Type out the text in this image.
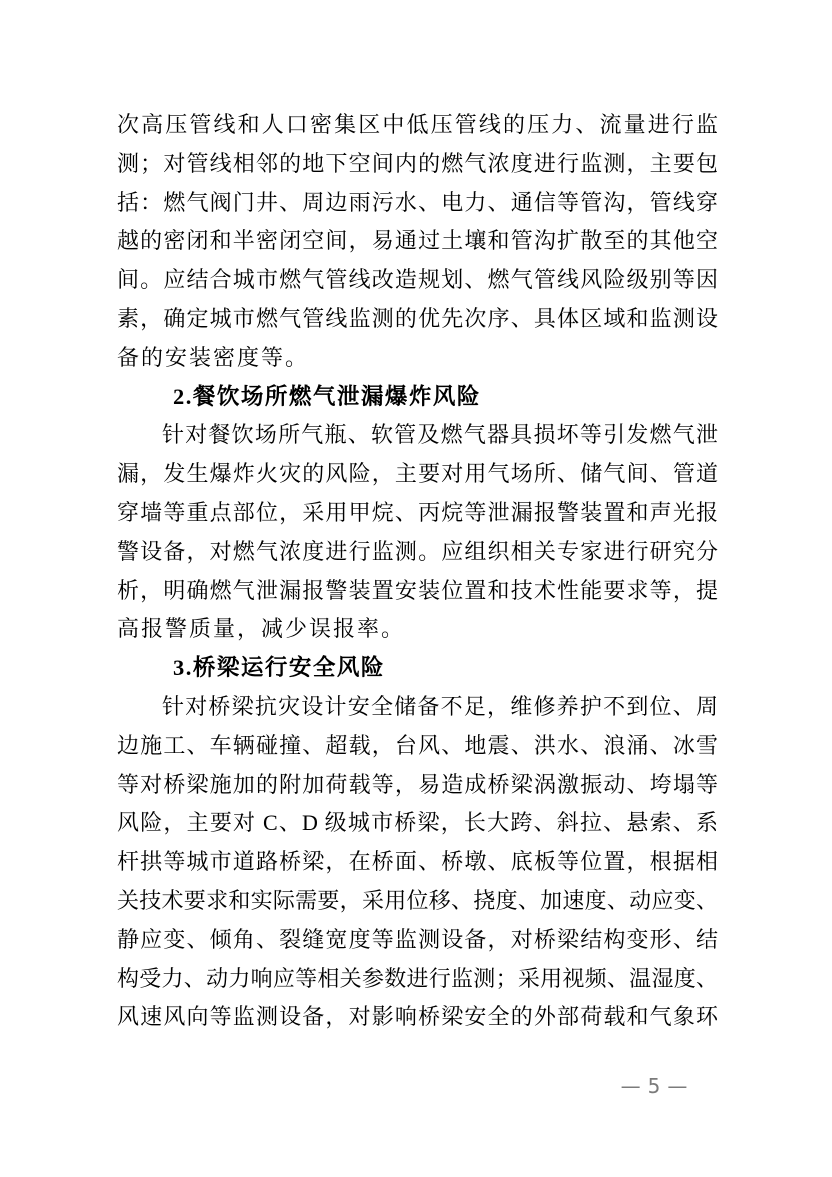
次高压管线和人口密集区中低压管线的压力、流量进行监
测；对管线相邻的地下空间内的燃气浓度进行监测，主要包
括：燃气阀门井、周边雨污水、电力、通信等管沟，管线穿
越的密闭和半密闭空间，易通过土壤和管沟扩散至的其他空
间。应结合城市燃气管线改造规划、燃气管线风险级别等因
素，确定城市燃气管线监测的优先次序、具体区域和监测设
备的安装密度等。
2.餐饮场所燃气泄漏爆炸风险
针对餐饮场所气瓶、软管及燃气器具损坏等引发燃气泄
漏，发生爆炸火灾的风险，主要对用气场所、储气间、管道
穿墙等重点部位，采用甲烷、丙烷等泄漏报警装置和声光报
警设备，对燃气浓度进行监测。应组织相关专家进行研究分
析，明确燃气泄漏报警装置安装位置和技术性能要求等，提
高报警质量，减少误报率。
3.桥梁运行安全风险
针对桥梁抗灾设计安全储备不足，维修养护不到位、周
边施工、车辆碰撞、超载，台风、地震、洪水、浪涌、冰雪
等对桥梁施加的附加荷载等，易造成桥梁涡激振动、垮塌等
风险，主要对 C、D 级城市桥梁，长大跨、斜拉、悬索、系
杆拱等城市道路桥梁，在桥面、桥墩、底板等位置，根据相
关技术要求和实际需要，采用位移、挠度、加速度、动应变、
静应变、倾角、裂缝宽度等监测设备，对桥梁结构变形、结
构受力、动力响应等相关参数进行监测；采用视频、温湿度、
风速风向等监测设备，对影响桥梁安全的外部荷载和气象环
— 5 —
